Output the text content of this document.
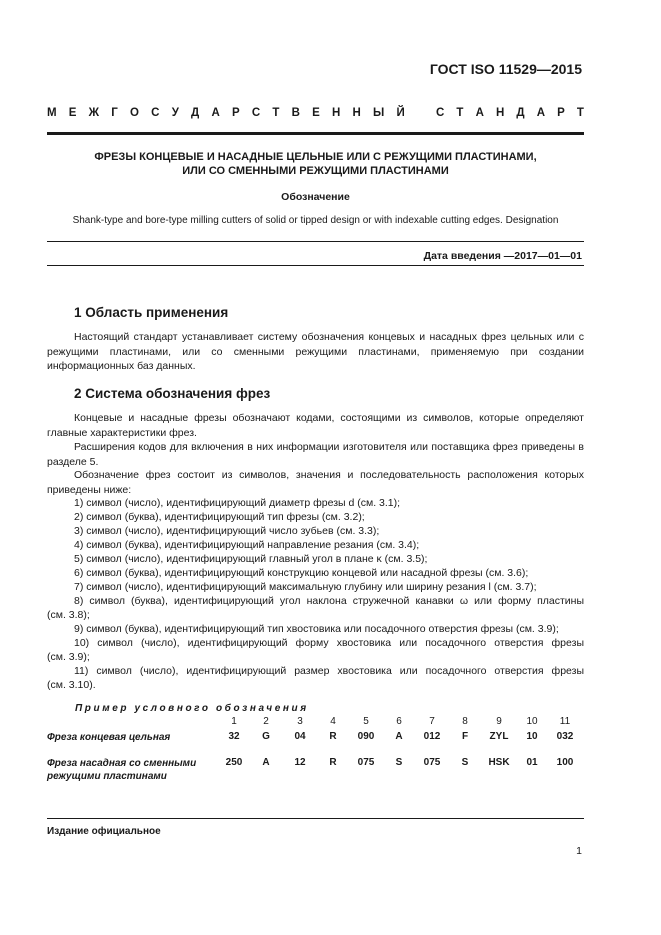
ГОСТ ISO 11529—2015
М Е Ж Г О С У Д А Р С Т В Е Н Н Ы Й	С Т А Н Д А Р Т
ФРЕЗЫ КОНЦЕВЫЕ И НАСАДНЫЕ ЦЕЛЬНЫЕ ИЛИ С РЕЖУЩИМИ ПЛАСТИНАМИ,
ИЛИ СО СМЕННЫМИ РЕЖУЩИМИ ПЛАСТИНАМИ
Обозначение
Shank-type and bore-type milling cutters of solid or tipped design or with indexable cutting edges. Designation
Дата введения —2017—01—01
1 Область применения

Настоящий стандарт устанавливает систему обозначения концевых и насадных фрез цельных или с режущими пластинами, или со сменными режущими пластинами, применяемую при создании информационных баз данных.

2 Система обозначения фрез

Концевые и насадные фрезы обозначают кодами, состоящими из символов, которые определяют главные характеристики фрез.

Расширения кодов для включения в них информации изготовителя или поставщика фрез приведены в разделе 5.

Обозначение фрез состоит из символов, значения и последовательность расположения которых приведены ниже:

1) символ (число), идентифицирующий диаметр фрезы d (см. 3.1);
2) символ (буква), идентифицирующий тип фрезы (см. 3.2);
3) символ (число), идентифицирующий число зубьев (см. 3.3);
4) символ (буква), идентифицирующий направление резания (см. 3.4);
5) символ (число), идентифицирующий главный угол в плане κ (см. 3.5);
6) символ (буква), идентифицирующий конструкцию концевой или насадной фрезы (см. 3.6);
7) символ (число), идентифицирующий максимальную глубину или ширину резания l (см. 3.7);
8) символ (буква), идентифицирующий угол наклона стружечной канавки ω или форму пластины
(см. 3.8);
9) символ (буква), идентифицирующий тип хвостовика или посадочного отверстия фрезы (см. 3.9);
10) символ (число), идентифицирующий форму хвостовика или посадочного отверстия фрезы
(см. 3.9);
11) символ (число), идентифицирующий размер хвостовика или посадочного отверстия фрезы
(см. 3.10).
Пример условного обозначения
1	2	3	4	5	6	7	8	9	10	11
Фреза концевая цельная	32	G	04	R	090	A	012	F	ZYL	10	032
Фреза насадная со сменными
режущими пластинами
250	A	12	R	075	S	075	S	HSK	01	100
Издание официальное
1
